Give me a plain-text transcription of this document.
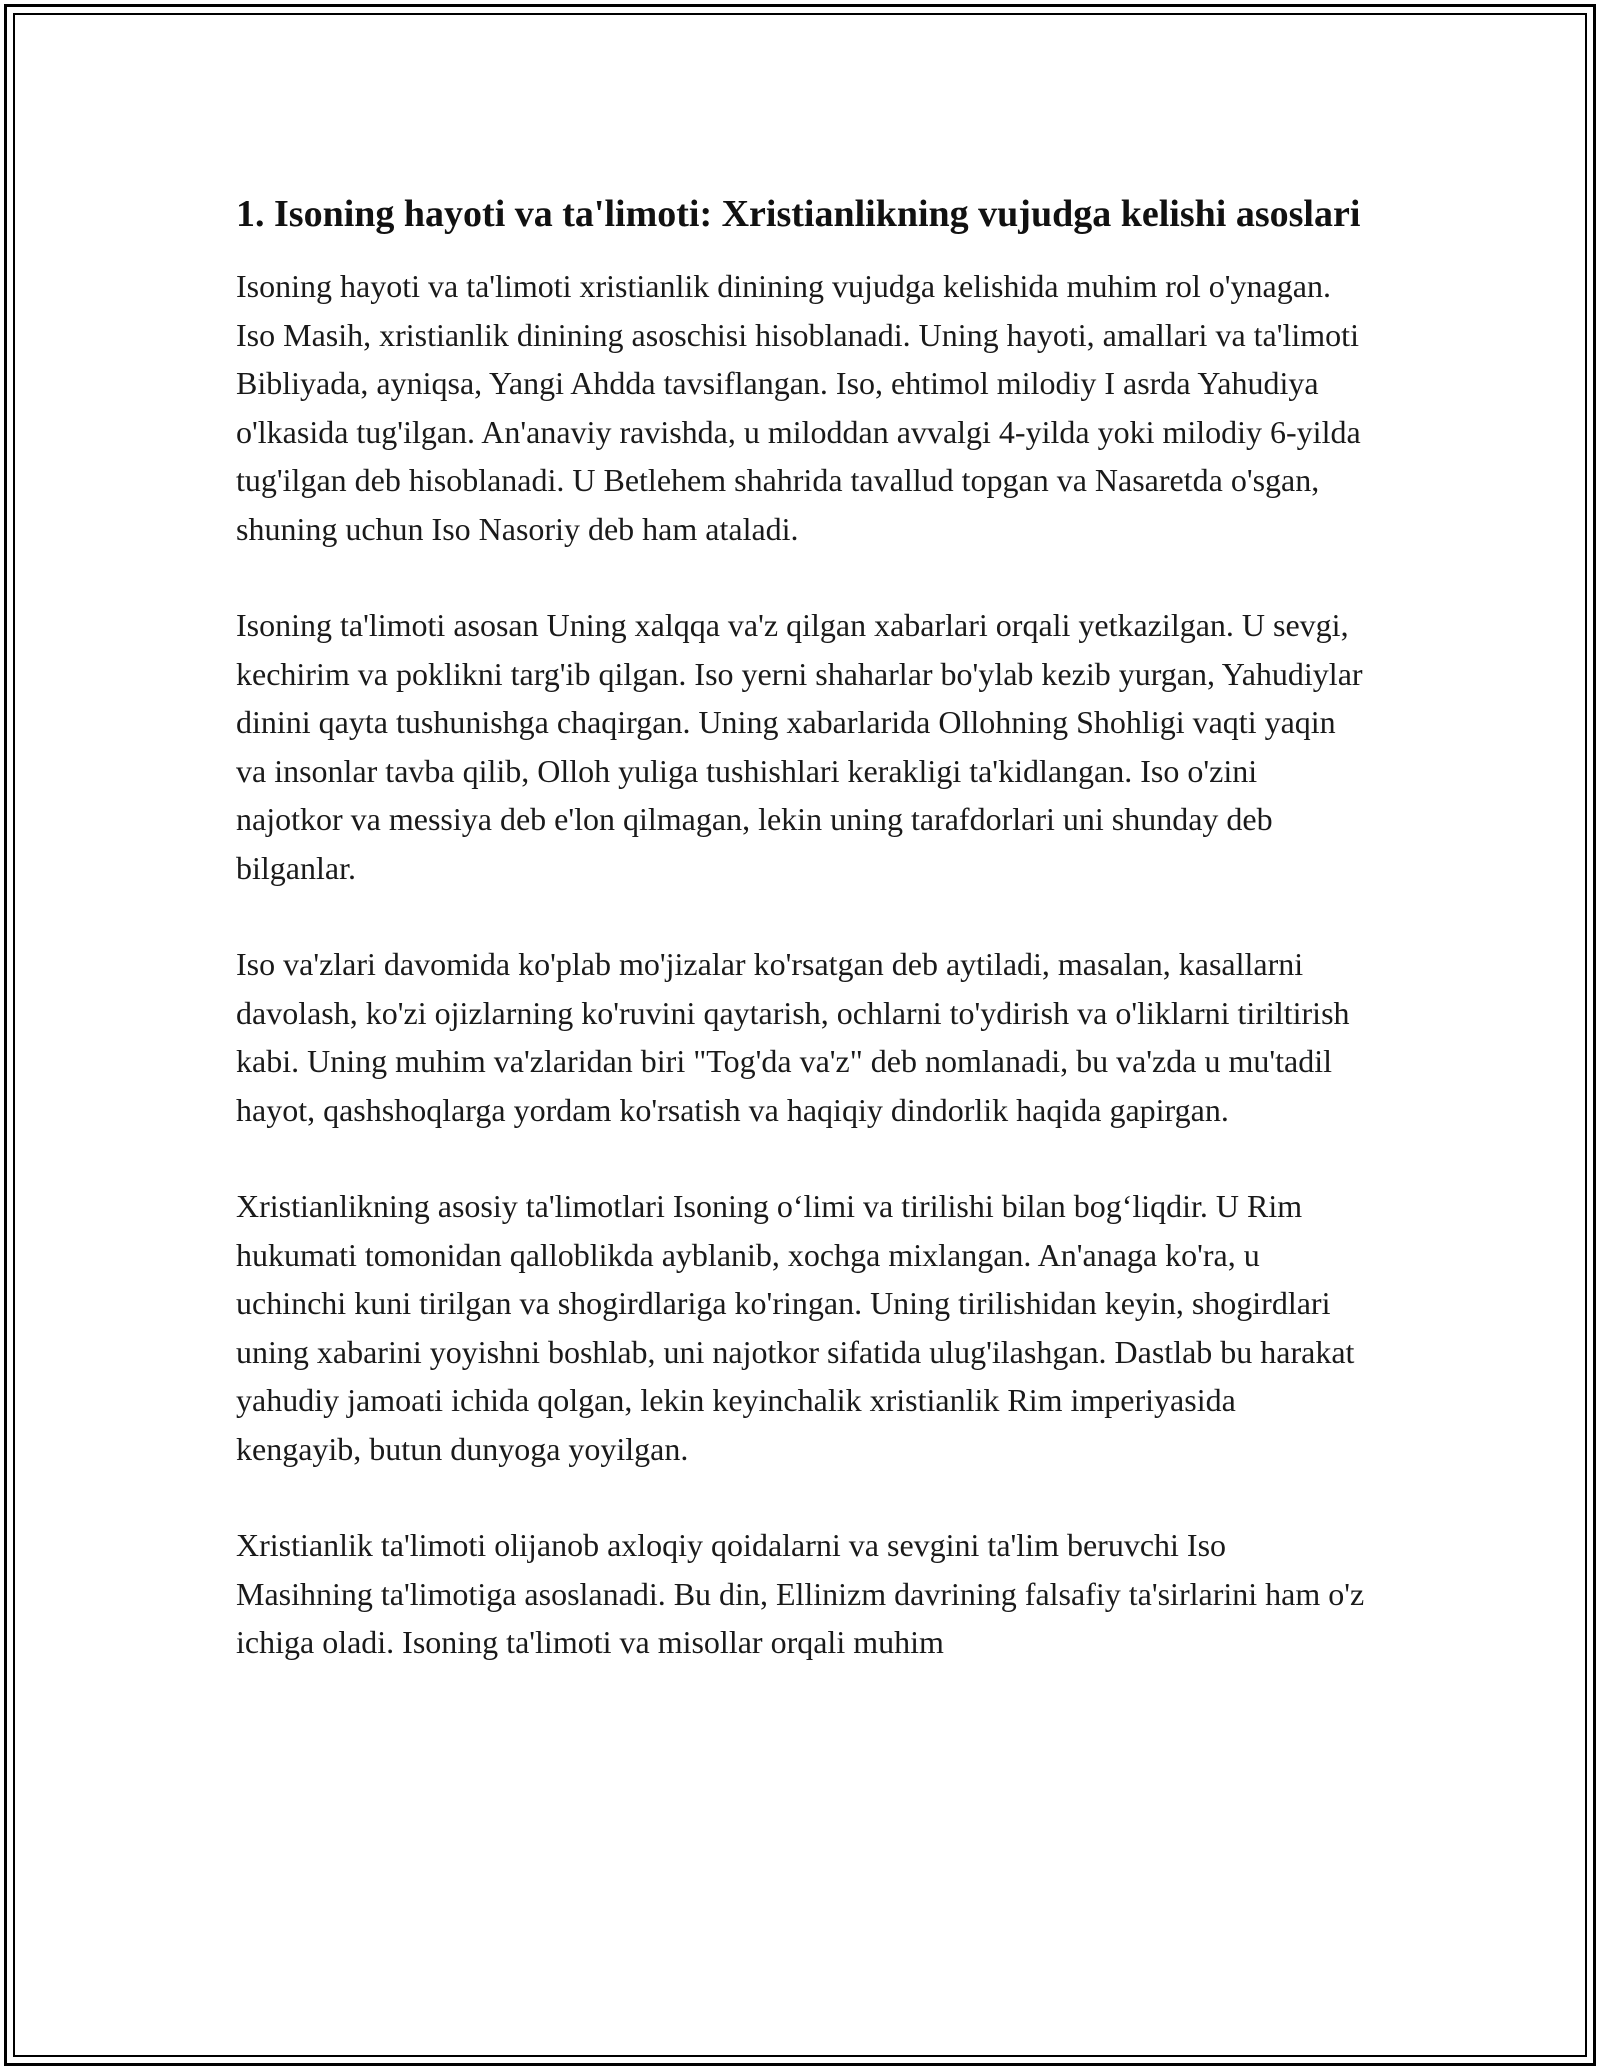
1. Isoning hayoti va ta'limoti: Xristianlikning vujudga kelishi asoslari

Isoning hayoti va ta'limoti xristianlik dinining vujudga kelishida muhim rol o'ynagan. Iso Masih, xristianlik dinining asoschisi hisoblanadi. Uning hayoti, amallari va ta'limoti Bibliyada, ayniqsa, Yangi Ahdda tavsiflangan. Iso, ehtimol milodiy I asrda Yahudiya o'lkasida tug'ilgan. An'anaviy ravishda, u miloddan avvalgi 4-yilda yoki milodiy 6-yilda tug'ilgan deb hisoblanadi. U Betlehem shahrida tavallud topgan va Nasaretda o'sgan, shuning uchun Iso Nasoriy deb ham ataladi.

Isoning ta'limoti asosan Uning xalqqa va'z qilgan xabarlari orqali yetkazilgan. U sevgi, kechirim va poklikni targ'ib qilgan. Iso yerni shaharlar bo'ylab kezib yurgan, Yahudiylar dinini qayta tushunishga chaqirgan. Uning xabarlarida Ollohning Shohligi vaqti yaqin va insonlar tavba qilib, Olloh yuliga tushishlari kerakligi ta'kidlangan. Iso o'zini najotkor va messiya deb e'lon qilmagan, lekin uning tarafdorlari uni shunday deb bilganlar.

Iso va'zlari davomida ko'plab mo'jizalar ko'rsatgan deb aytiladi, masalan, kasallarni davolash, ko'zi ojizlarning ko'ruvini qaytarish, ochlarni to'ydirish va o'liklarni tiriltirish kabi. Uning muhim va'zlaridan biri "Tog'da va'z" deb nomlanadi, bu va'zda u mu'tadil hayot, qashshoqlarga yordam ko'rsatish va haqiqiy dindorlik haqida gapirgan.

Xristianlikning asosiy ta'limotlari Isoning o‘limi va tirilishi bilan bog‘liqdir. U Rim hukumati tomonidan qalloblikda ayblanib, xochga mixlangan. An'anaga ko'ra, u uchinchi kuni tirilgan va shogirdlariga ko'ringan. Uning tirilishidan keyin, shogirdlari uning xabarini yoyishni boshlab, uni najotkor sifatida ulug'ilashgan. Dastlab bu harakat yahudiy jamoati ichida qolgan, lekin keyinchalik xristianlik Rim imperiyasida kengayib, butun dunyoga yoyilgan.

Xristianlik ta'limoti olijanob axloqiy qoidalarni va sevgini ta'lim beruvchi Iso Masihning ta'limotiga asoslanadi. Bu din, Ellinizm davrining falsafiy ta'sirlarini ham o'z ichiga oladi. Isoning ta'limoti va misollar orqali muhim
